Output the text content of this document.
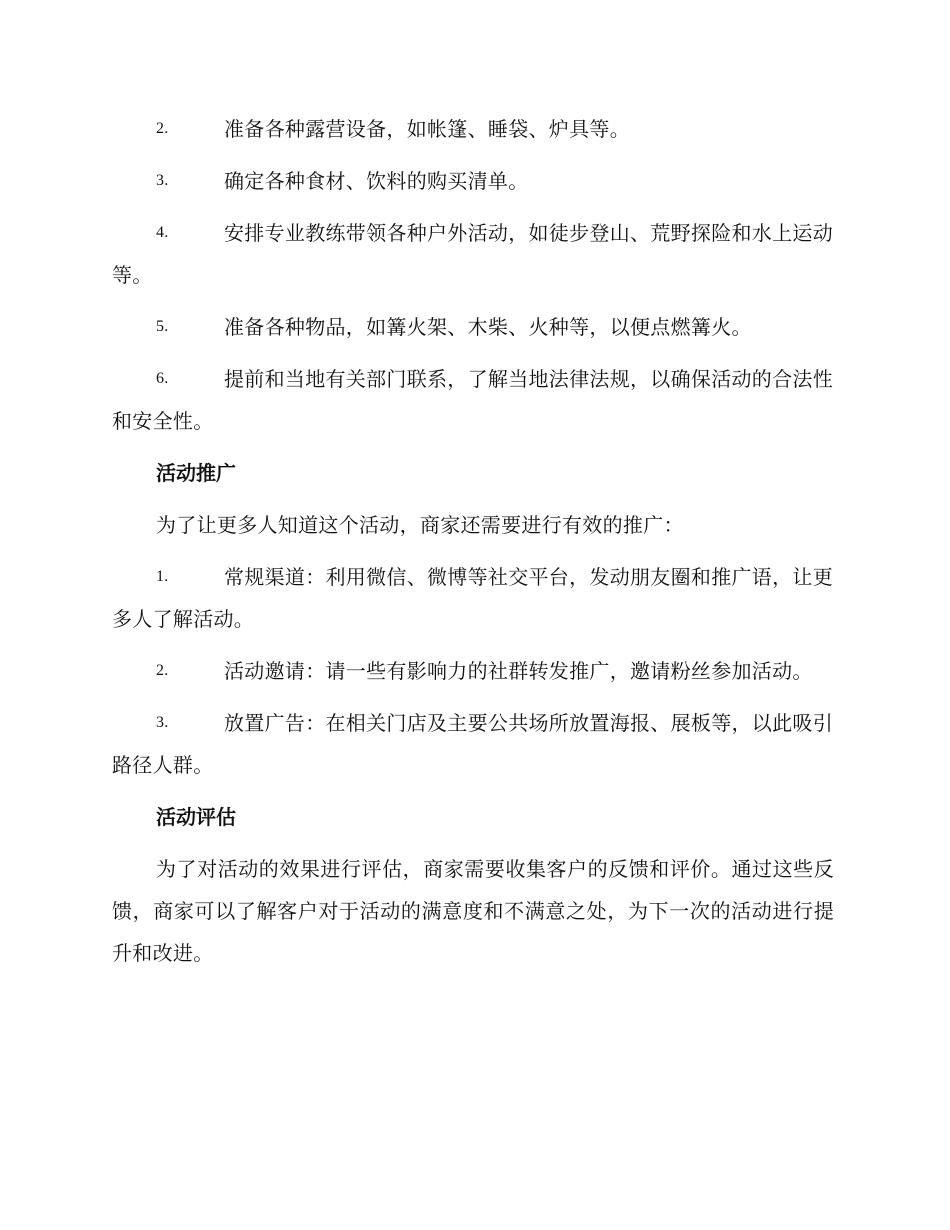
2.	准备各种露营设备，如帐篷、睡袋、炉具等。
3.	确定各种食材、饮料的购买清单。
4.	安排专业教练带领各种户外活动，如徒步登山、荒野探险和水上运动等。
5.	准备各种物品，如篝火架、木柴、火种等，以便点燃篝火。
6.	提前和当地有关部门联系，了解当地法律法规，以确保活动的合法性和安全性。
活动推广

为了让更多人知道这个活动，商家还需要进行有效的推广：

1.	常规渠道：利用微信、微博等社交平台，发动朋友圈和推广语，让更多人了解活动。
2.	活动邀请：请一些有影响力的社群转发推广，邀请粉丝参加活动。
3.	放置广告：在相关门店及主要公共场所放置海报、展板等，以此吸引路径人群。
活动评估

为了对活动的效果进行评估，商家需要收集客户的反馈和评价。通过这些反馈，商家可以了解客户对于活动的满意度和不满意之处，为下一次的活动进行提升和改进。
